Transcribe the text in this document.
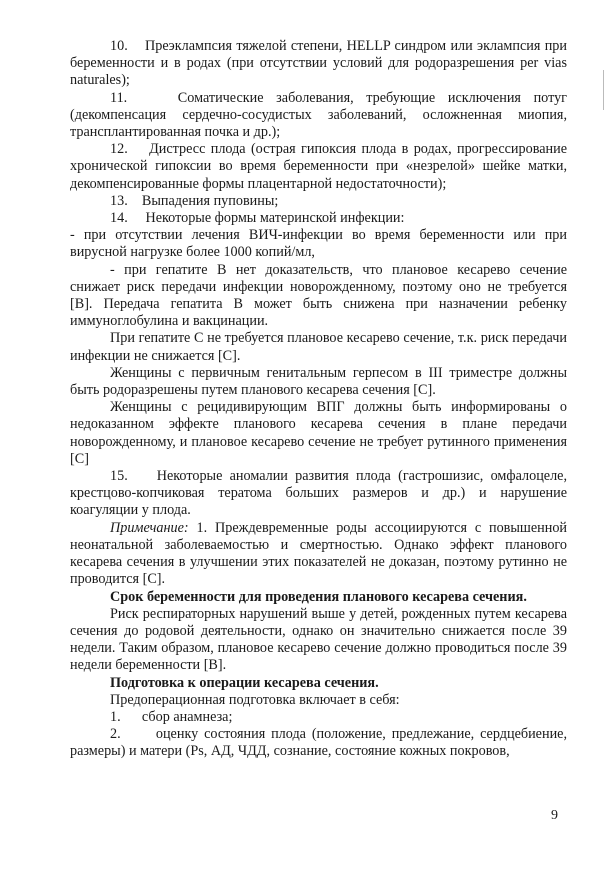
10. Преэклампсия тяжелой степени, HELLP синдром или эклампсия при беременности и в родах (при отсутствии условий для родоразрешения per vias naturales);

11.	Соматические заболевания, требующие исключения потуг (декомпенсация сердечно-сосудистых заболеваний, осложненная миопия, трансплантированная почка и др.);

12. Дистресс плода (острая гипоксия плода в родах, прогрессирование хронической гипоксии во время беременности при «незрелой» шейке матки, декомпенсированные формы плацентарной недостаточности);

13. Выпадения пуповины;

14. Некоторые формы материнской инфекции:

- при отсутствии лечения ВИЧ-инфекции во время беременности или при вирусной нагрузке более 1000 копий/мл,

- при гепатите В нет доказательств, что плановое кесарево сечение снижает риск передачи инфекции новорожденному, поэтому оно не требуется [В]. Передача гепатита В может быть снижена при назначении ребенку иммуноглобулина и вакцинации.

При гепатите С не требуется плановое кесарево сечение, т.к. риск передачи инфекции не снижается [С].

Женщины с первичным генитальным герпесом в III триместре должны быть родоразрешены путем планового кесарева сечения [С].

Женщины с рецидивирующим ВПГ должны быть информированы о недоказанном эффекте планового кесарева сечения в плане передачи новорожденному, и плановое кесарево сечение не требует рутинного применения [С]

15. Некоторые аномалии развития плода (гастрошизис, омфалоцеле, крестцово-копчиковая тератома больших размеров и др.) и нарушение коагуляции у плода.

Примечание: 1. Преждевременные роды ассоциируются с повышенной неонатальной заболеваемостью и смертностью. Однако эффект планового кесарева сечения в улучшении этих показателей не доказан, поэтому рутинно не проводится [С].

Срок беременности для проведения планового кесарева сечения.

Риск респираторных нарушений выше у детей, рожденных путем кесарева сечения до родовой деятельности, однако он значительно снижается после 39 недели. Таким образом, плановое кесарево сечение должно проводиться после 39 недели беременности [В].

Подготовка к операции кесарева сечения.

Предоперационная подготовка включает в себя:

1. сбор анамнеза;

2. оценку состояния плода (положение, предлежание, сердцебиение, размеры) и матери (Ps, АД, ЧДД, сознание, состояние кожных покровов,

9
